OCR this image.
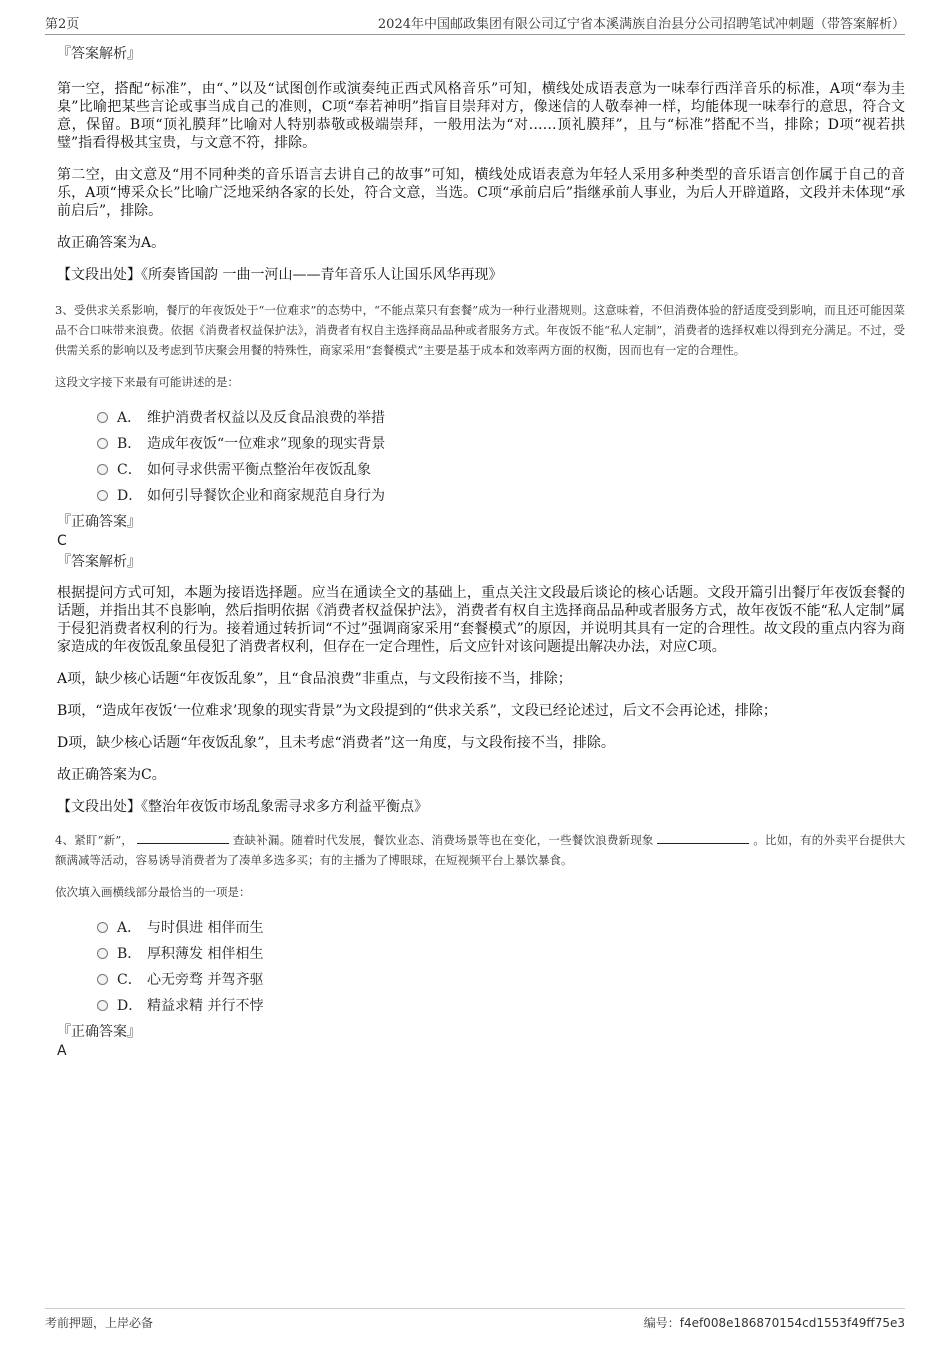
第2页	2024年中国邮政集团有限公司辽宁省本溪满族自治县分公司招聘笔试冲刺题（带答案解析）
『答案解析』

第一空，搭配“标准”，由“、”以及“试图创作或演奏纯正西式风格音乐”可知，横线处成语表意为一味奉行西洋音乐的标准，A项“奉为圭臬”比喻把某些言论或事当成自己的准则，C项“奉若神明”指盲目崇拜对方，像迷信的人敬奉神一样，均能体现一味奉行的意思，符合文意，保留。B项“顶礼膜拜”比喻对人特别恭敬或极端崇拜，一般用法为“对……顶礼膜拜”，且与“标准”搭配不当，排除；D项“视若拱璧”指看得极其宝贵，与文意不符，排除。

第二空，由文意及“用不同种类的音乐语言去讲自己的故事”可知，横线处成语表意为年轻人采用多种类型的音乐语言创作属于自己的音乐，A项“博采众长”比喻广泛地采纳各家的长处，符合文意，当选。C项“承前启后”指继承前人事业，为后人开辟道路，文段并未体现“承前启后”，排除。

故正确答案为A。

【文段出处】《所奏皆国韵 一曲一河山——青年音乐人让国乐风华再现》

3、受供求关系影响，餐厅的年夜饭处于“一位难求”的态势中，“不能点菜只有套餐”成为一种行业潜规则。这意味着，不但消费体验的舒适度受到影响，而且还可能因菜品不合口味带来浪费。依据《消费者权益保护法》，消费者有权自主选择商品品种或者服务方式。年夜饭不能“私人定制”，消费者的选择权难以得到充分满足。不过，受供需关系的影响以及考虑到节庆聚会用餐的特殊性，商家采用“套餐模式”主要是基于成本和效率两方面的权衡，因而也有一定的合理性。

这段文字接下来最有可能讲述的是：

A． 维护消费者权益以及反食品浪费的举措
B． 造成年夜饭“一位难求”现象的现实背景
C． 如何寻求供需平衡点整治年夜饭乱象
D． 如何引导餐饮企业和商家规范自身行为
『正确答案』
C
『答案解析』

根据提问方式可知，本题为接语选择题。应当在通读全文的基础上，重点关注文段最后谈论的核心话题。文段开篇引出餐厅年夜饭套餐的话题，并指出其不良影响，然后指明依据《消费者权益保护法》，消费者有权自主选择商品品种或者服务方式，故年夜饭不能“私人定制”属于侵犯消费者权利的行为。接着通过转折词“不过”强调商家采用“套餐模式”的原因，并说明其具有一定的合理性。故文段的重点内容为商家造成的年夜饭乱象虽侵犯了消费者权利，但存在一定合理性，后文应针对该问题提出解决办法，对应C项。

A项，缺少核心话题“年夜饭乱象”，且“食品浪费”非重点，与文段衔接不当，排除；

B项，“造成年夜饭‘一位难求’现象的现实背景”为文段提到的“供求关系”，文段已经论述过，后文不会再论述，排除；

D项，缺少核心话题“年夜饭乱象”，且未考虑“消费者”这一角度，与文段衔接不当，排除。

故正确答案为C。

【文段出处】《整治年夜饭市场乱象需寻求多方利益平衡点》

4、紧盯“新”，	查缺补漏。随着时代发展，餐饮业态、消费场景等也在变化，一些餐饮浪费新现象	。比如，有的外卖平台提供大额满减等活动，容易诱导消费者为了凑单多选多买；有的主播为了博眼球，在短视频平台上暴饮暴食。

依次填入画横线部分最恰当的一项是：

A． 与时俱进 相伴而生
B． 厚积薄发 相伴相生
C． 心无旁骛 并驾齐驱
D． 精益求精 并行不悖
『正确答案』
A
考前押题，上岸必备	编号：f4ef008e186870154cd1553f49ff75e3
